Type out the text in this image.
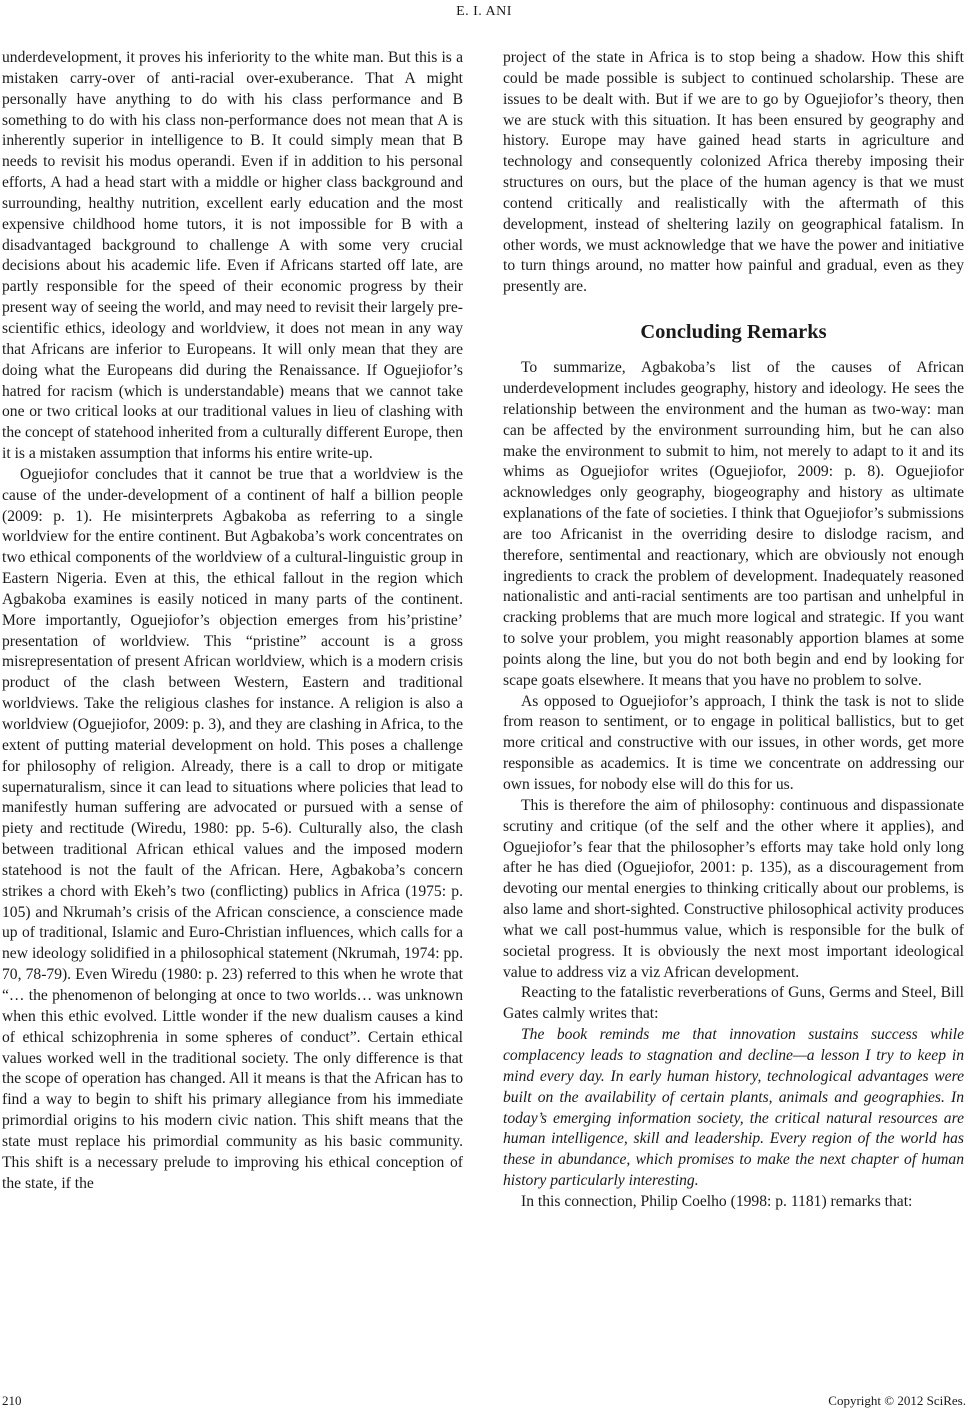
E. I. ANI

underdevelopment, it proves his inferiority to the white man. But this is a mistaken carry-over of anti-racial over-exuberance. That A might personally have anything to do with his class performance and B something to do with his class non-performance does not mean that A is inherently superior in intelligence to B. It could simply mean that B needs to revisit his modus operandi. Even if in addition to his personal efforts, A had a head start with a middle or higher class background and surrounding, healthy nutrition, excellent early education and the most expensive childhood home tutors, it is not impossible for B with a disadvantaged background to challenge A with some very crucial decisions about his academic life. Even if Africans started off late, are partly responsible for the speed of their economic progress by their present way of seeing the world, and may need to revisit their largely pre-scientific ethics, ideology and worldview, it does not mean in any way that Africans are inferior to Europeans. It will only mean that they are doing what the Europeans did during the Renaissance. If Oguejiofor’s hatred for racism (which is understandable) means that we cannot take one or two critical looks at our traditional values in lieu of clashing with the concept of statehood inherited from a culturally different Europe, then it is a mistaken assumption that informs his entire write-up.

Oguejiofor concludes that it cannot be true that a worldview is the cause of the under-development of a continent of half a billion people (2009: p. 1). He misinterprets Agbakoba as referring to a single worldview for the entire continent. But Agbakoba’s work concentrates on two ethical components of the worldview of a cultural-linguistic group in Eastern Nigeria. Even at this, the ethical fallout in the region which Agbakoba examines is easily noticed in many parts of the continent. More importantly, Oguejiofor’s objection emerges from his’pristine’ presentation of worldview. This “pristine” account is a gross misrepresentation of present African worldview, which is a modern crisis product of the clash between Western, Eastern and traditional worldviews. Take the religious clashes for instance. A religion is also a worldview (Oguejiofor, 2009: p. 3), and they are clashing in Africa, to the extent of putting material development on hold. This poses a challenge for philosophy of religion. Already, there is a call to drop or mitigate supernaturalism, since it can lead to situations where policies that lead to manifestly human suffering are advocated or pursued with a sense of piety and rectitude (Wiredu, 1980: pp. 5-6). Culturally also, the clash between traditional African ethical values and the imposed modern statehood is not the fault of the African. Here, Agbakoba’s concern strikes a chord with Ekeh’s two (conflicting) publics in Africa (1975: p. 105) and Nkrumah’s crisis of the African conscience, a conscience made up of traditional, Islamic and Euro-Christian influences, which calls for a new ideology solidified in a philosophical statement (Nkrumah, 1974: pp. 70, 78-79). Even Wiredu (1980: p. 23) referred to this when he wrote that “… the phenomenon of belonging at once to two worlds… was unknown when this ethic evolved. Little wonder if the new dualism causes a kind of ethical schizophrenia in some spheres of conduct”. Certain ethical values worked well in the traditional society. The only difference is that the scope of operation has changed. All it means is that the African has to find a way to begin to shift his primary allegiance from his immediate primordial origins to his modern civic nation. This shift means that the state must replace his primordial community as his basic community. This shift is a necessary prelude to improving his ethical conception of the state, if the

project of the state in Africa is to stop being a shadow. How this shift could be made possible is subject to continued scholarship. These are issues to be dealt with. But if we are to go by Oguejiofor’s theory, then we are stuck with this situation. It has been ensured by geography and history. Europe may have gained head starts in agriculture and technology and consequently colonized Africa thereby imposing their structures on ours, but the place of the human agency is that we must contend critically and realistically with the aftermath of this development, instead of sheltering lazily on geographical fatalism. In other words, we must acknowledge that we have the power and initiative to turn things around, no matter how painful and gradual, even as they presently are.

Concluding Remarks

To summarize, Agbakoba’s list of the causes of African underdevelopment includes geography, history and ideology. He sees the relationship between the environment and the human as two-way: man can be affected by the environment surrounding him, but he can also make the environment to submit to him, not merely to adapt to it and its whims as Oguejiofor writes (Oguejiofor, 2009: p. 8). Oguejiofor acknowledges only geography, biogeography and history as ultimate explanations of the fate of societies. I think that Oguejiofor’s submissions are too Africanist in the overriding desire to dislodge racism, and therefore, sentimental and reactionary, which are obviously not enough ingredients to crack the problem of development. Inadequately reasoned nationalistic and anti-racial sentiments are too partisan and unhelpful in cracking problems that are much more logical and strategic. If you want to solve your problem, you might reasonably apportion blames at some points along the line, but you do not both begin and end by looking for scape goats elsewhere. It means that you have no problem to solve.

As opposed to Oguejiofor’s approach, I think the task is not to slide from reason to sentiment, or to engage in political ballistics, but to get more critical and constructive with our issues, in other words, get more responsible as academics. It is time we concentrate on addressing our own issues, for nobody else will do this for us.

This is therefore the aim of philosophy: continuous and dispassionate scrutiny and critique (of the self and the other where it applies), and Oguejiofor’s fear that the philosopher’s efforts may take hold only long after he has died (Oguejiofor, 2001: p. 135), as a discouragement from devoting our mental energies to thinking critically about our problems, is also lame and short-sighted. Constructive philosophical activity produces what we call post-hummus value, which is responsible for the bulk of societal progress. It is obviously the next most important ideological value to address viz a viz African development.

Reacting to the fatalistic reverberations of Guns, Germs and Steel, Bill Gates calmly writes that:

The book reminds me that innovation sustains success while complacency leads to stagnation and decline—a lesson I try to keep in mind every day. In early human history, technological advantages were built on the availability of certain plants, animals and geographies. In today’s emerging information society, the critical natural resources are human intelligence, skill and leadership. Every region of the world has these in abundance, which promises to make the next chapter of human history particularly interesting.

In this connection, Philip Coelho (1998: p. 1181) remarks that:

210	Copyright © 2012 SciRes.
